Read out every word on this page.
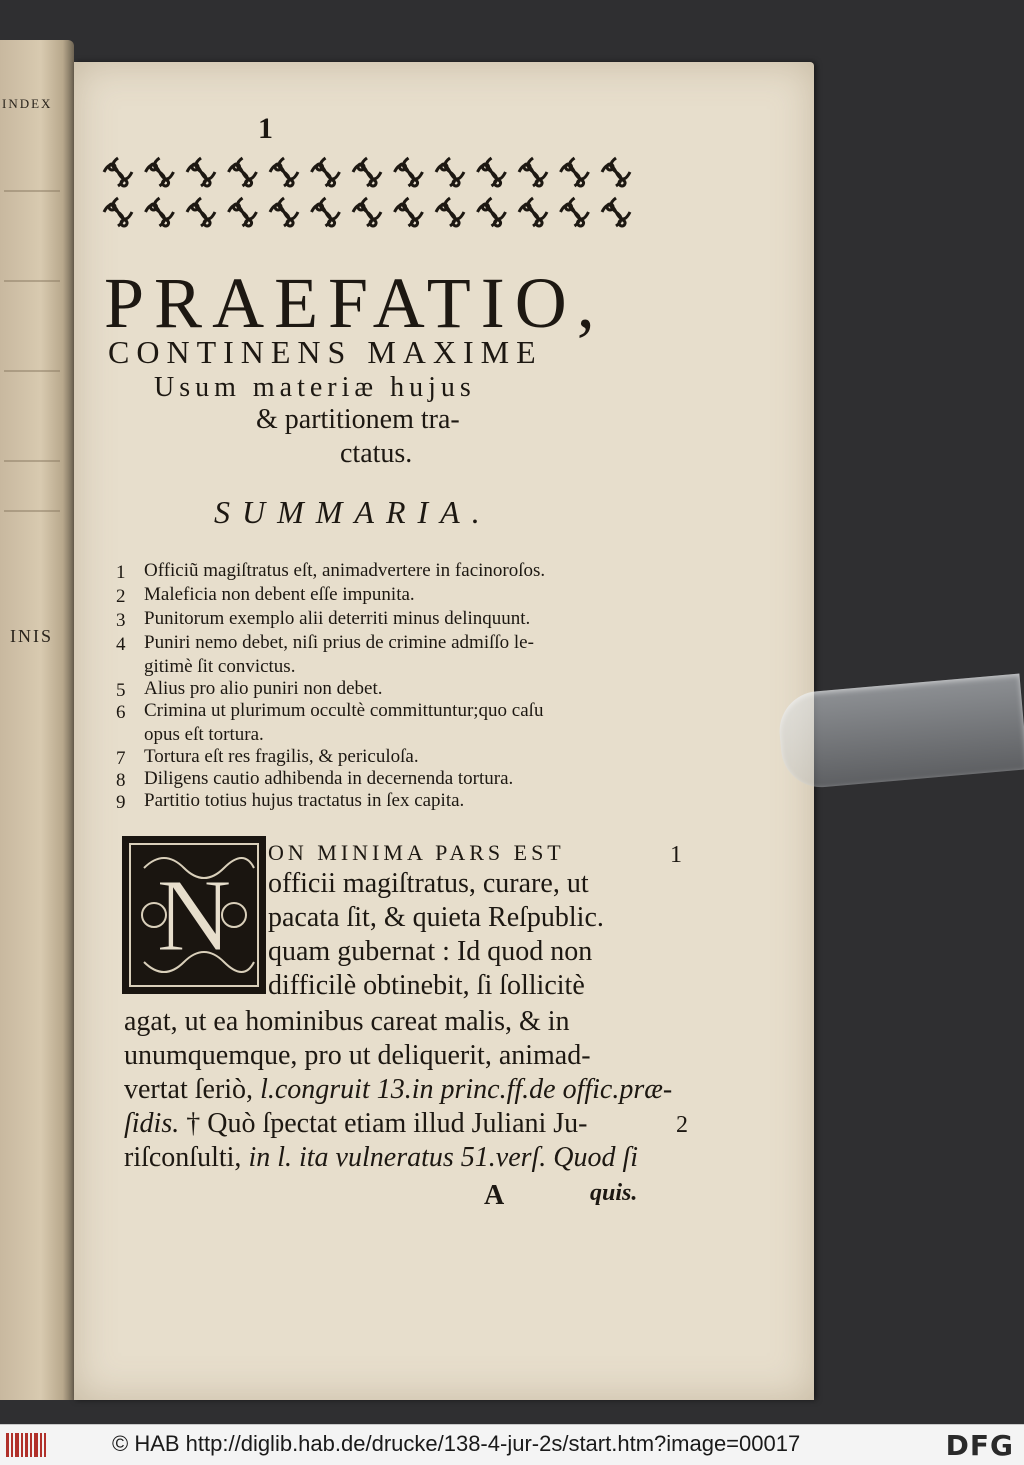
INDEX
INIS
1
PRAEFATIO,
CONTINENS MAXIME
Usum materiæ hujus
& partitionem tra-
ctatus.
SUMMARIA.
1 Officiũ magiſtratus eſt, animadvertere in facinoroſos.
2 Maleficia non debent eſſe impunita.
3 Punitorum exemplo alii deterriti minus delinquunt.
4 Puniri nemo debet, niſi prius de crimine admiſſo le-
gitimè ſit convictus.
5 Alius pro alio puniri non debet.
6 Crimina ut plurimum occultè committuntur;quo caſu
opus eſt tortura.
7 Tortura eſt res fragilis, & periculoſa.
8 Diligens cautio adhibenda in decernenda tortura.
9 Partitio totius hujus tractatus in ſex capita.
N
ON MINIMA PARS EST
officii magiſtratus, curare, ut
pacata ſit, & quieta Reſpublic.
quam gubernat : Id quod non
difficilè obtinebit, ſi ſollicitè
agat, ut ea hominibus careat malis, & in
unumquemque, pro ut deliquerit, animad-
vertat ſeriò, l.congruit 13.in princ.ff.de offic.præ-
ſidis. † Quò ſpectat etiam illud Juliani Ju-
riſconſulti, in l. ita vulneratus 51.verſ. Quod ſi
A	quis.
1
2
© HAB http://diglib.hab.de/drucke/138-4-jur-2s/start.htm?image=00017	DFG
